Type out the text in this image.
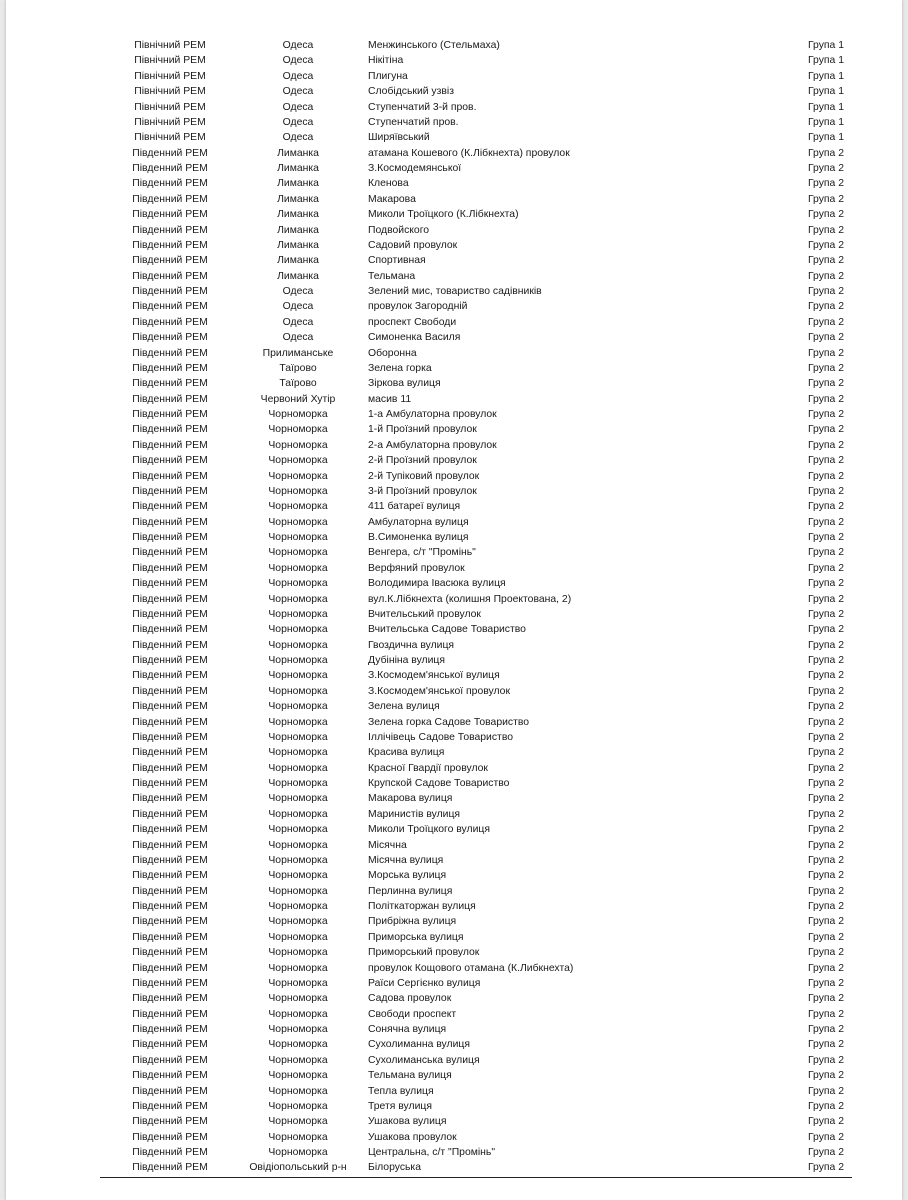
Північний РЕМ	Одеса	Менжинського (Стельмаха)	Група 1
Північний РЕМ	Одеса	Нікітіна	Група 1
Північний РЕМ	Одеса	Плигуна	Група 1
Північний РЕМ	Одеса	Слобідський узвіз	Група 1
Північний РЕМ	Одеса	Ступенчатий 3-й пров.	Група 1
Північний РЕМ	Одеса	Ступенчатий пров.	Група 1
Північний РЕМ	Одеса	Ширяївський	Група 1
Південний РЕМ	Лиманка	атамана Кошевого (К.Лібкнехта) провулок	Група 2
Південний РЕМ	Лиманка	З.Космодемянської	Група 2
Південний РЕМ	Лиманка	Кленова	Група 2
Південний РЕМ	Лиманка	Макарова	Група 2
Південний РЕМ	Лиманка	Миколи Троїцкого (К.Лібкнехта)	Група 2
Південний РЕМ	Лиманка	Подвойского	Група 2
Південний РЕМ	Лиманка	Садовий провулок	Група 2
Південний РЕМ	Лиманка	Спортивная	Група 2
Південний РЕМ	Лиманка	Тельмана	Група 2
Південний РЕМ	Одеса	Зелений мис, товариство садівників	Група 2
Південний РЕМ	Одеса	провулок Загородній	Група 2
Південний РЕМ	Одеса	проспект Свободи	Група 2
Південний РЕМ	Одеса	Симоненка Василя	Група 2
Південний РЕМ	Прилиманське	Оборонна	Група 2
Південний РЕМ	Таїрово	Зелена горка	Група 2
Південний РЕМ	Таїрово	Зіркова вулиця	Група 2
Південний РЕМ	Червоний Хутір	масив 11	Група 2
Південний РЕМ	Чорноморка	1-а Амбулаторна провулок	Група 2
Південний РЕМ	Чорноморка	1-й Проїзний провулок	Група 2
Південний РЕМ	Чорноморка	2-а Амбулаторна провулок	Група 2
Південний РЕМ	Чорноморка	2-й Проїзний провулок	Група 2
Південний РЕМ	Чорноморка	2-й Тупіковий провулок	Група 2
Південний РЕМ	Чорноморка	3-й Проїзний провулок	Група 2
Південний РЕМ	Чорноморка	411 батареї вулиця	Група 2
Південний РЕМ	Чорноморка	Амбулаторна вулиця	Група 2
Південний РЕМ	Чорноморка	В.Симоненка вулиця	Група 2
Південний РЕМ	Чорноморка	Венгера, с/т "Промінь"	Група 2
Південний РЕМ	Чорноморка	Верфяний провулок	Група 2
Південний РЕМ	Чорноморка	Володимира Івасюка вулиця	Група 2
Південний РЕМ	Чорноморка	вул.К.Лібкнехта (колишня Проектована, 2)	Група 2
Південний РЕМ	Чорноморка	Вчительський провулок	Група 2
Південний РЕМ	Чорноморка	Вчительська Садове Товариство	Група 2
Південний РЕМ	Чорноморка	Гвоздична вулиця	Група 2
Південний РЕМ	Чорноморка	Дубініна вулиця	Група 2
Південний РЕМ	Чорноморка	З.Космодем'янської вулиця	Група 2
Південний РЕМ	Чорноморка	З.Космодем'янської провулок	Група 2
Південний РЕМ	Чорноморка	Зелена вулиця	Група 2
Південний РЕМ	Чорноморка	Зелена горка Садове Товариство	Група 2
Південний РЕМ	Чорноморка	Іллічівець Садове Товариство	Група 2
Південний РЕМ	Чорноморка	Красива вулиця	Група 2
Південний РЕМ	Чорноморка	Красної Гвардії провулок	Група 2
Південний РЕМ	Чорноморка	Крупской Садове Товариство	Група 2
Південний РЕМ	Чорноморка	Макарова вулиця	Група 2
Південний РЕМ	Чорноморка	Маринистів вулиця	Група 2
Південний РЕМ	Чорноморка	Миколи Троїцкого вулиця	Група 2
Південний РЕМ	Чорноморка	Місячна	Група 2
Південний РЕМ	Чорноморка	Місячна вулиця	Група 2
Південний РЕМ	Чорноморка	Морська вулиця	Група 2
Південний РЕМ	Чорноморка	Перлинна вулиця	Група 2
Південний РЕМ	Чорноморка	Політкаторжан вулиця	Група 2
Південний РЕМ	Чорноморка	Прибріжна вулиця	Група 2
Південний РЕМ	Чорноморка	Приморська вулиця	Група 2
Південний РЕМ	Чорноморка	Приморський провулок	Група 2
Південний РЕМ	Чорноморка	провулок Кощового отамана (К.Либкнехта)	Група 2
Південний РЕМ	Чорноморка	Раїси Сергієнко вулиця	Група 2
Південний РЕМ	Чорноморка	Садова провулок	Група 2
Південний РЕМ	Чорноморка	Свободи проспект	Група 2
Південний РЕМ	Чорноморка	Сонячна вулиця	Група 2
Південний РЕМ	Чорноморка	Сухолиманна вулиця	Група 2
Південний РЕМ	Чорноморка	Сухолиманська вулиця	Група 2
Південний РЕМ	Чорноморка	Тельмана вулиця	Група 2
Південний РЕМ	Чорноморка	Тепла вулиця	Група 2
Південний РЕМ	Чорноморка	Третя вулиця	Група 2
Південний РЕМ	Чорноморка	Ушакова вулиця	Група 2
Південний РЕМ	Чорноморка	Ушакова провулок	Група 2
Південний РЕМ	Чорноморка	Центральна, с/т "Промінь"	Група 2
Південний РЕМ	Овідіопольський р-н	Білоруська	Група 2
